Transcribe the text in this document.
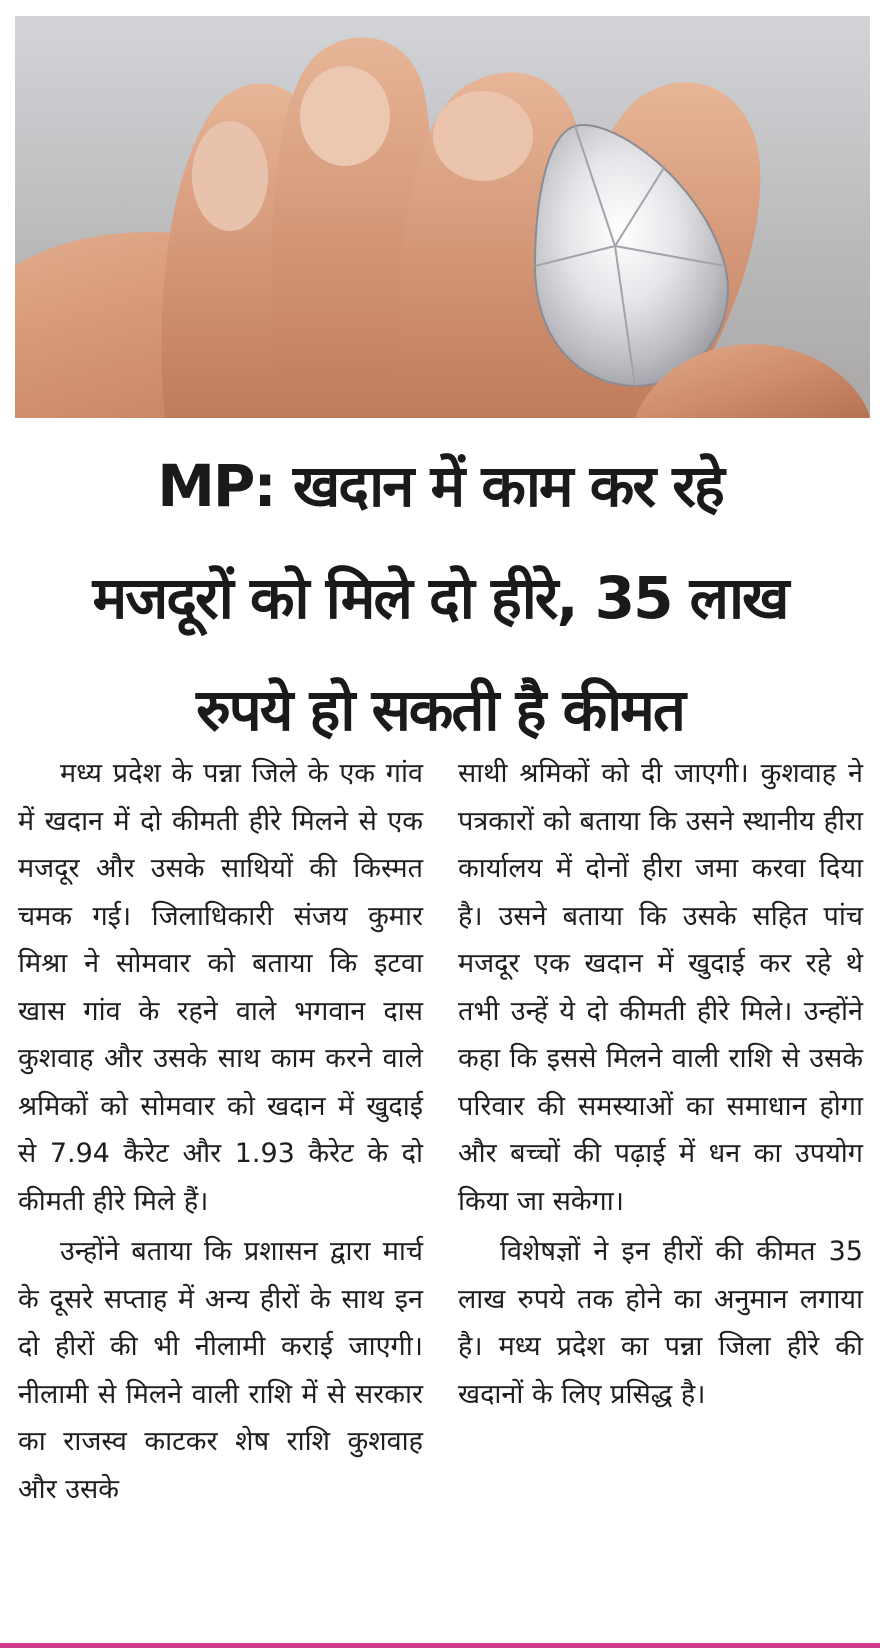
MP: खदान में काम कर रहे
मजदूरों को मिले दो हीरे, 35 लाख
रुपये हो सकती है कीमत

मध्य प्रदेश के पन्ना जिले के एक गांव में खदान में दो कीमती हीरे मिलने से एक मजदूर और उसके साथियों की किस्मत चमक गई। जिलाधिकारी संजय कुमार मिश्रा ने सोमवार को बताया कि इटवा खास गांव के रहने वाले भगवान दास कुशवाह और उसके साथ काम करने वाले श्रमिकों को सोमवार को खदान में खुदाई से 7.94 कैरेट और 1.93 कैरेट के दो कीमती हीरे मिले हैं।

उन्होंने बताया कि प्रशासन द्वारा मार्च के दूसरे सप्ताह में अन्य हीरों के साथ इन दो हीरों की भी नीलामी कराई जाएगी। नीलामी से मिलने वाली राशि में से सरकार का राजस्व काटकर शेष राशि कुशवाह और उसके

साथी श्रमिकों को दी जाएगी। कुशवाह ने पत्रकारों को बताया कि उसने स्थानीय हीरा कार्यालय में दोनों हीरा जमा करवा दिया है। उसने बताया कि उसके सहित पांच मजदूर एक खदान में खुदाई कर रहे थे तभी उन्हें ये दो कीमती हीरे मिले। उन्होंने कहा कि इससे मिलने वाली राशि से उसके परिवार की समस्याओं का समाधान होगा और बच्चों की पढ़ाई में धन का उपयोग किया जा सकेगा।

विशेषज्ञों ने इन हीरों की कीमत 35 लाख रुपये तक होने का अनुमान लगाया है। मध्य प्रदेश का पन्ना जिला हीरे की खदानों के लिए प्रसिद्ध है।
